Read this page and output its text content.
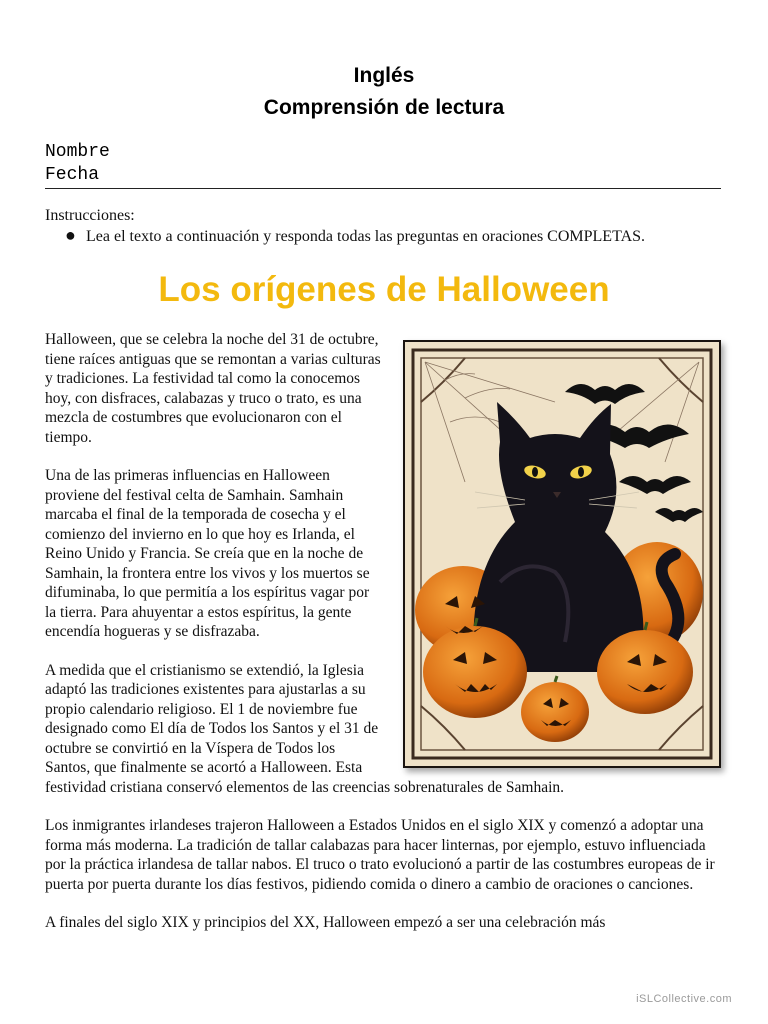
Inglés
Comprensión de lectura
Nombre
Fecha
Instrucciones:
● Lea el texto a continuación y responda todas las preguntas en oraciones COMPLETAS.
Los orígenes de Halloween

Halloween, que se celebra la noche del 31 de octubre, tiene raíces antiguas que se remontan a varias culturas y tradiciones. La festividad tal como la conocemos hoy, con disfraces, calabazas y truco o trato, es una mezcla de costumbres que evolucionaron con el tiempo.

Una de las primeras influencias en Halloween proviene del festival celta de Samhain. Samhain marcaba el final de la temporada de cosecha y el comienzo del invierno en lo que hoy es Irlanda, el Reino Unido y Francia. Se creía que en la noche de Samhain, la frontera entre los vivos y los muertos se difuminaba, lo que permitía a los espíritus vagar por la tierra. Para ahuyentar a estos espíritus, la gente encendía hogueras y se disfrazaba.

A medida que el cristianismo se extendió, la Iglesia adaptó las tradiciones existentes para ajustarlas a su propio calendario religioso. El 1 de noviembre fue designado como El día de Todos los Santos y el 31 de octubre se convirtió en la Víspera de Todos los Santos, que finalmente se acortó a Halloween. Esta festividad cristiana conservó elementos de las creencias sobrenaturales de Samhain.

Los inmigrantes irlandeses trajeron Halloween a Estados Unidos en el siglo XIX y comenzó a adoptar una forma más moderna. La tradición de tallar calabazas para hacer linternas, por ejemplo, estuvo influenciada por la práctica irlandesa de tallar nabos. El truco o trato evolucionó a partir de las costumbres europeas de ir puerta por puerta durante los días festivos, pidiendo comida o dinero a cambio de oraciones o canciones.

A finales del siglo XIX y principios del XX, Halloween empezó a ser una celebración más

iSLCollective.com
